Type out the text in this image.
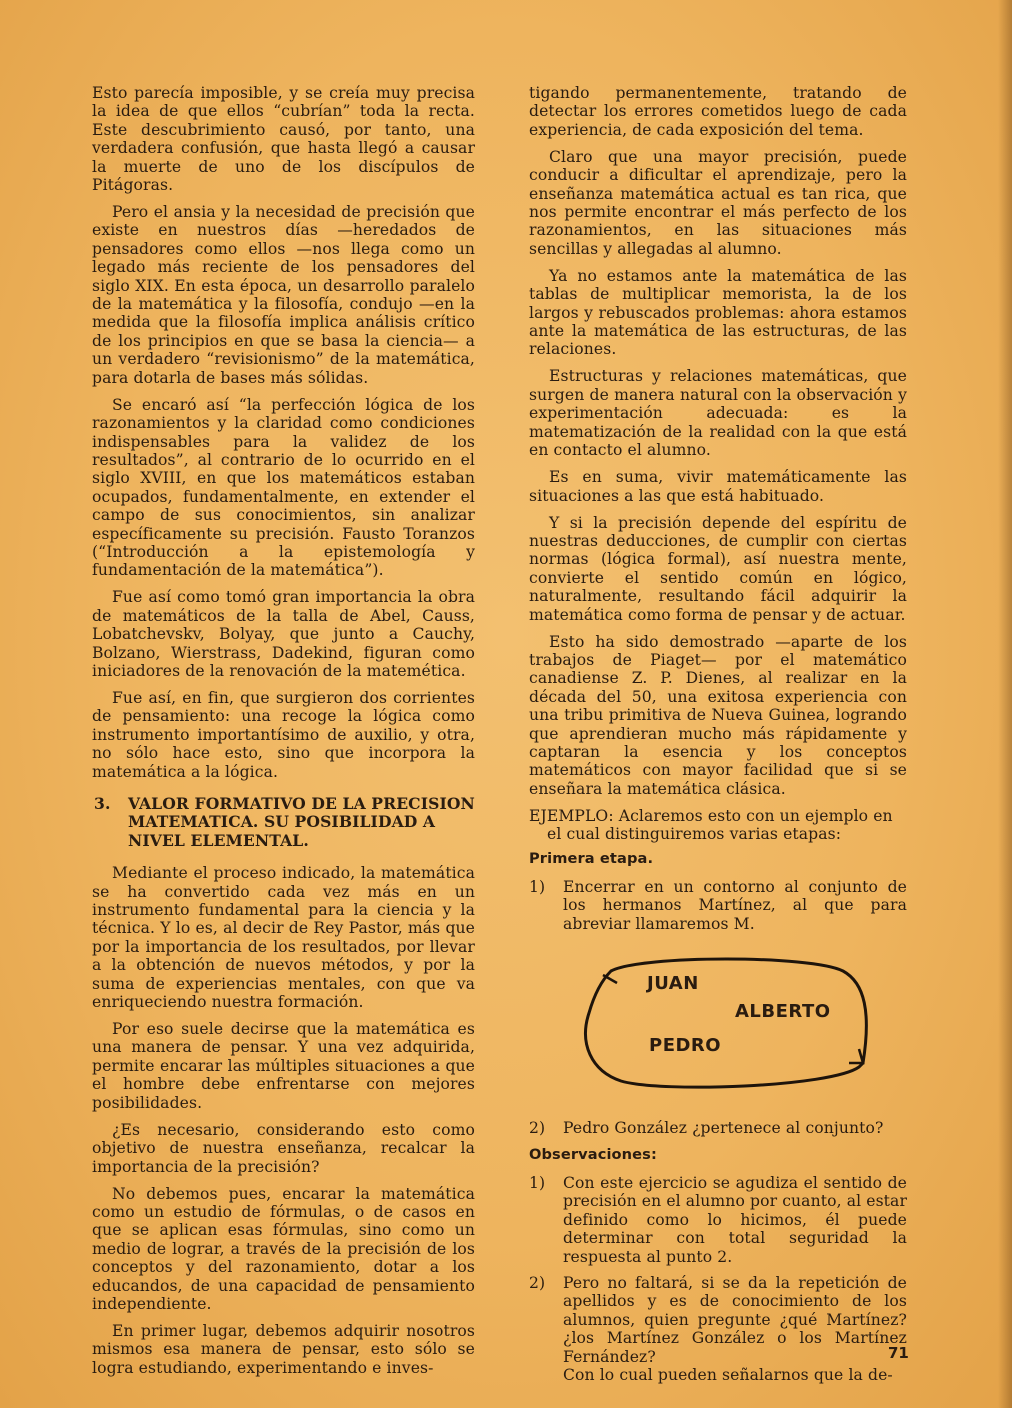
Esto parecía imposible, y se creía muy precisa la idea de que ellos “cubrían” toda la recta. Este descubrimiento causó, por tanto, una verdadera confusión, que hasta llegó a causar la muerte de uno de los discípulos de Pitágoras.

Pero el ansia y la necesidad de precisión que existe en nuestros días —heredados de pensadores como ellos —nos llega como un legado más reciente de los pensadores del siglo XIX. En esta época, un desarrollo paralelo de la matemática y la filosofía, condujo —en la medida que la filosofía implica análisis crítico de los principios en que se basa la ciencia— a un verdadero “revisionismo” de la matemática, para dotarla de bases más sólidas.

Se encaró así “la perfección lógica de los razonamientos y la claridad como condiciones indispensables para la validez de los resultados”, al contrario de lo ocurrido en el siglo XVIII, en que los matemáticos estaban ocupados, fundamentalmente, en extender el campo de sus conocimientos, sin analizar específicamente su precisión. Fausto Toranzos (“Introducción a la epistemología y fundamentación de la matemática”).

Fue así como tomó gran importancia la obra de matemáticos de la talla de Abel, Causs, Lobatchevskv, Bolyay, que junto a Cauchy, Bolzano, Wierstrass, Dadekind, figuran como iniciadores de la renovación de la matemética.

Fue así, en fin, que surgieron dos corrientes de pensamiento: una recoge la lógica como instrumento importantísimo de auxilio, y otra, no sólo hace esto, sino que incorpora la matemática a la lógica.

3.	VALOR FORMATIVO DE LA PRECISION MATEMATICA. SU POSIBILIDAD A NIVEL ELEMENTAL.

Mediante el proceso indicado, la matemática se ha convertido cada vez más en un instrumento fundamental para la ciencia y la técnica. Y lo es, al decir de Rey Pastor, más que por la importancia de los resultados, por llevar a la obtención de nuevos métodos, y por la suma de experiencias mentales, con que va enriqueciendo nuestra formación.

Por eso suele decirse que la matemática es una manera de pensar. Y una vez adquirida, permite encarar las múltiples situaciones a que el hombre debe enfrentarse con mejores posibilidades.

¿Es necesario, considerando esto como objetivo de nuestra enseñanza, recalcar la importancia de la precisión?

No debemos pues, encarar la matemática como un estudio de fórmulas, o de casos en que se aplican esas fórmulas, sino como un medio de lograr, a través de la precisión de los conceptos y del razonamiento, dotar a los educandos, de una capacidad de pensamiento independiente.

En primer lugar, debemos adquirir nosotros mismos esa manera de pensar, esto sólo se logra estudiando, experimentando e inves-

tigando permanentemente, tratando de detectar los errores cometidos luego de cada experiencia, de cada exposición del tema.

Claro que una mayor precisión, puede conducir a dificultar el aprendizaje, pero la enseñanza matemática actual es tan rica, que nos permite encontrar el más perfecto de los razonamientos, en las situaciones más sencillas y allegadas al alumno.

Ya no estamos ante la matemática de las tablas de multiplicar memorista, la de los largos y rebuscados problemas: ahora estamos ante la matemática de las estructuras, de las relaciones.

Estructuras y relaciones matemáticas, que surgen de manera natural con la observación y experimentación adecuada: es la matematización de la realidad con la que está en contacto el alumno.

Es en suma, vivir matemáticamente las situaciones a las que está habituado.

Y si la precisión depende del espíritu de nuestras deducciones, de cumplir con ciertas normas (lógica formal), así nuestra mente, convierte el sentido común en lógico, naturalmente, resultando fácil adquirir la matemática como forma de pensar y de actuar.

Esto ha sido demostrado —aparte de los trabajos de Piaget— por el matemático canadiense Z. P. Dienes, al realizar en la década del 50, una exitosa experiencia con una tribu primitiva de Nueva Guinea, logrando que aprendieran mucho más rápidamente y captaran la esencia y los conceptos matemáticos con mayor facilidad que si se enseñara la matemática clásica.

EJEMPLO: Aclaremos esto con un ejemplo en el cual distinguiremos varias etapas:
Primera etapa.
1)	Encerrar en un contorno al conjunto de los hermanos Martínez, al que para abreviar llamaremos M.
JUAN
ALBERTO
PEDRO
2)	Pedro González ¿pertenece al conjunto?
Observaciones:
1)	Con este ejercicio se agudiza el sentido de precisión en el alumno por cuanto, al estar definido como lo hicimos, él puede determinar con total seguridad la respuesta al punto 2.
2)	Pero no faltará, si se da la repetición de apellidos y es de conocimiento de los alumnos, quien pregunte ¿qué Martínez? ¿los Martínez González o los Martínez Fernández?

Con lo cual pueden señalarnos que la de-

71
